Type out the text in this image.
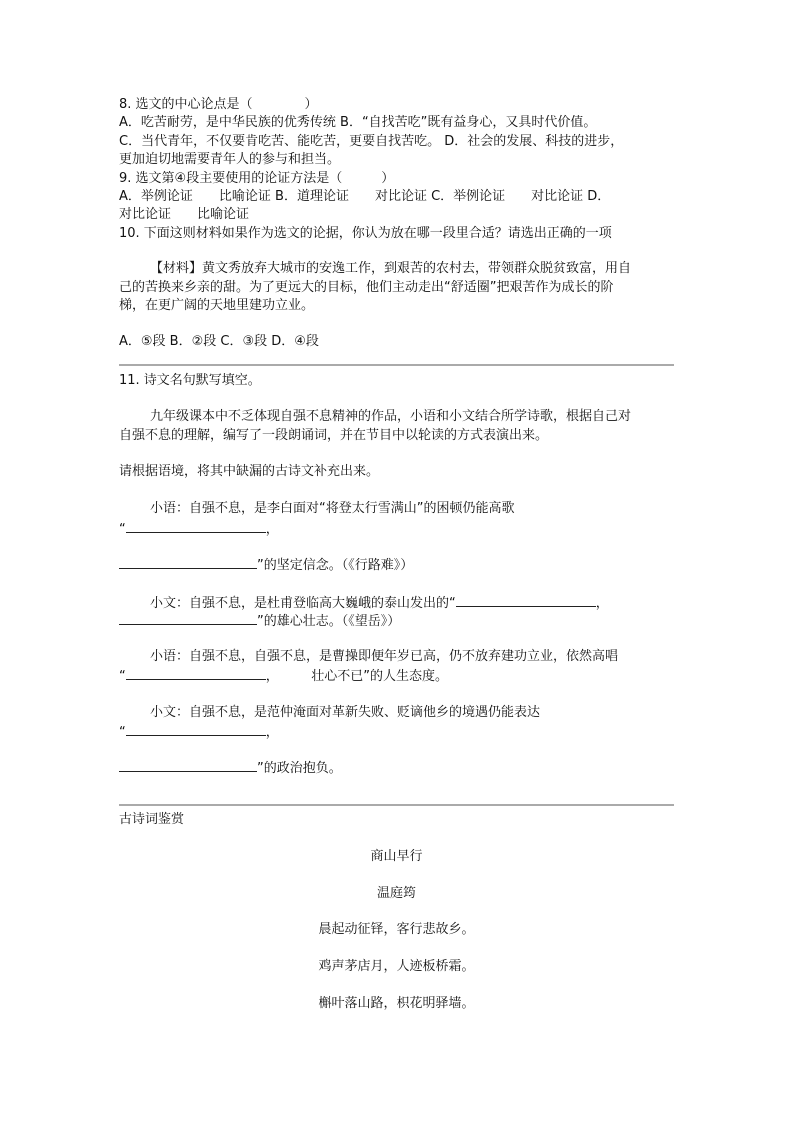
8. 选文的中心论点是（　　　　）
A．吃苦耐劳，是中华民族的优秀传统 B．“自找苦吃”既有益身心，又具时代价值。
C．当代青年，不仅要肯吃苦、能吃苦，更要自找苦吃。 D．社会的发展、科技的进步，
更加迫切地需要青年人的参与和担当。
9. 选文第④段主要使用的论证方法是（　　　）
A．举例论证　　比喻论证 B．道理论证　　对比论证 C．举例论证　　对比论证 D．
对比论证　　比喻论证
10. 下面这则材料如果作为选文的论据，你认为放在哪一段里合适？请选出正确的一项
【材料】黄文秀放弃大城市的安逸工作，到艰苦的农村去，带领群众脱贫致富，用自
己的苦换来乡亲的甜。为了更远大的目标，他们主动走出“舒适圈”把艰苦作为成长的阶
梯，在更广阔的天地里建功立业。
A．⑤段 B．②段 C．③段 D．④段
11. 诗文名句默写填空。
九年级课本中不乏体现自强不息精神的作品，小语和小文结合所学诗歌，根据自己对
自强不息的理解，编写了一段朗诵词，并在节目中以轮读的方式表演出来。
请根据语境，将其中缺漏的古诗文补充出来。
小语：自强不息，是李白面对“将登太行雪满山”的困顿仍能高歌
“	，
”的坚定信念。（《行路难》）
小文：自强不息，是杜甫登临高大巍峨的泰山发出的“	，
”的雄心壮志。（《望岳》）
小语：自强不息，自强不息，是曹操即便年岁已高，仍不放弃建功立业，依然高唱
“	，　　　壮心不已”的人生态度。
小文：自强不息，是范仲淹面对革新失败、贬谪他乡的境遇仍能表达
“	，
”的政治抱负。
古诗词鉴赏
商山早行
温庭筠
晨起动征铎，客行悲故乡。
鸡声茅店月，人迹板桥霜。
槲叶落山路，枳花明驿墙。
